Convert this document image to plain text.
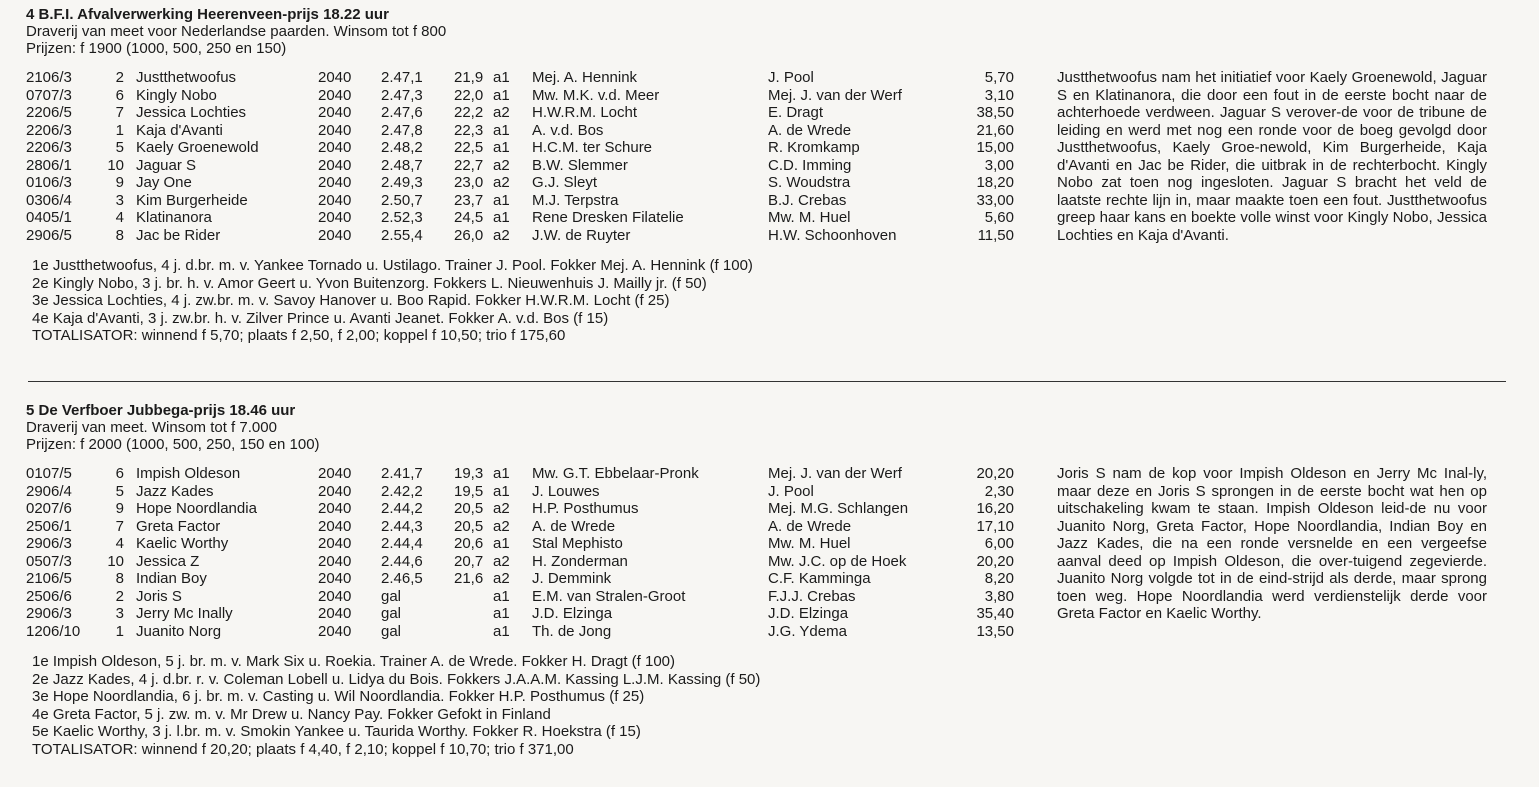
4 B.F.I. Afvalverwerking Heerenveen-prijs 18.22 uur
Draverij van meet voor Nederlandse paarden. Winsom tot f 800
Prijzen: f 1900 (1000, 500, 250 en 150)
2106/3	2 Justthetwoofus	2040 2.47,1 21,9 a1 Mej. A. Hennink	J. Pool	5,70
0707/3	6 Kingly Nobo	2040 2.47,3 22,0 a1 Mw. M.K. v.d. Meer	Mej. J. van der Werf	3,10
2206/5	7 Jessica Lochties	2040 2.47,6 22,2 a2 H.W.R.M. Locht	E. Dragt	38,50
2206/3	1 Kaja d'Avanti	2040 2.47,8 22,3 a1 A. v.d. Bos	A. de Wrede	21,60
2206/3	5 Kaely Groenewold	2040 2.48,2 22,5 a1 H.C.M. ter Schure	R. Kromkamp	15,00
2806/1 10 Jaguar S	2040 2.48,7 22,7 a2 B.W. Slemmer	C.D. Imming	3,00
0106/3	9 Jay One	2040 2.49,3 23,0 a2 G.J. Sleyt	S. Woudstra	18,20
0306/4	3 Kim Burgerheide	2040 2.50,7 23,7 a1 M.J. Terpstra	B.J. Crebas	33,00
0405/1	4 Klatinanora	2040 2.52,3 24,5 a1 Rene Dresken Filatelie	Mw. M. Huel	5,60
2906/5	8 Jac be Rider	2040 2.55,4 26,0 a2 J.W. de Ruyter	H.W. Schoonhoven	11,50
Justthetwoofus nam het initiatief voor Kaely Groenewold, Jaguar S en Klatinanora, die door een fout in de eerste bocht naar de achterhoede verdween. Jaguar S verover-de voor de tribune de leiding en werd met nog een ronde voor de boeg gevolgd door Justthetwoofus, Kaely Groe-newold, Kim Burgerheide, Kaja d'Avanti en Jac be Rider, die uitbrak in de rechterbocht. Kingly Nobo zat toen nog ingesloten. Jaguar S bracht het veld de laatste rechte lijn in, maar maakte toen een fout. Justthetwoofus greep haar kans en boekte volle winst voor Kingly Nobo, Jessica Lochties en Kaja d'Avanti.
1e Justthetwoofus, 4 j. d.br. m. v. Yankee Tornado u. Ustilago. Trainer J. Pool. Fokker Mej. A. Hennink (f 100)
2e Kingly Nobo, 3 j. br. h. v. Amor Geert u. Yvon Buitenzorg. Fokkers L. Nieuwenhuis J. Mailly jr. (f 50)
3e Jessica Lochties, 4 j. zw.br. m. v. Savoy Hanover u. Boo Rapid. Fokker H.W.R.M. Locht (f 25)
4e Kaja d'Avanti, 3 j. zw.br. h. v. Zilver Prince u. Avanti Jeanet. Fokker A. v.d. Bos (f 15)
TOTALISATOR: winnend f 5,70; plaats f 2,50, f 2,00; koppel f 10,50; trio f 175,60
5 De Verfboer Jubbega-prijs 18.46 uur
Draverij van meet. Winsom tot f 7.000
Prijzen: f 2000 (1000, 500, 250, 150 en 100)
0107/5	6 Impish Oldeson	2040 2.41,7 19,3 a1 Mw. G.T. Ebbelaar-Pronk	Mej. J. van der Werf	20,20
2906/4	5 Jazz Kades	2040 2.42,2 19,5 a1 J. Louwes	J. Pool	2,30
0207/6	9 Hope Noordlandia	2040 2.44,2 20,5 a2 H.P. Posthumus	Mej. M.G. Schlangen	16,20
2506/1	7 Greta Factor	2040 2.44,3 20,5 a2 A. de Wrede	A. de Wrede	17,10
2906/3	4 Kaelic Worthy	2040 2.44,4 20,6 a1 Stal Mephisto	Mw. M. Huel	6,00
0507/3 10 Jessica Z	2040 2.44,6 20,7 a2 H. Zonderman	Mw. J.C. op de Hoek	20,20
2106/5	8 Indian Boy	2040 2.46,5 21,6 a2 J. Demmink	C.F. Kamminga	8,20
2506/6	2 Joris S	2040 gal	a1 E.M. van Stralen-Groot	F.J.J. Crebas	3,80
2906/3	3 Jerry Mc Inally	2040 gal	a1 J.D. Elzinga	J.D. Elzinga	35,40
1206/10	1 Juanito Norg	2040 gal	a1 Th. de Jong	J.G. Ydema	13,50
Joris S nam de kop voor Impish Oldeson en Jerry Mc Inal-ly, maar deze en Joris S sprongen in de eerste bocht wat hen op uitschakeling kwam te staan. Impish Oldeson leid-de nu voor Juanito Norg, Greta Factor, Hope Noordlandia, Indian Boy en Jazz Kades, die na een ronde versnelde en een vergeefse aanval deed op Impish Oldeson, die over-tuigend zegevierde. Juanito Norg volgde tot in de eind-strijd als derde, maar sprong toen weg. Hope Noordlandia werd verdienstelijk derde voor Greta Factor en Kaelic Worthy.
1e Impish Oldeson, 5 j. br. m. v. Mark Six u. Roekia. Trainer A. de Wrede. Fokker H. Dragt (f 100)
2e Jazz Kades, 4 j. d.br. r. v. Coleman Lobell u. Lidya du Bois. Fokkers J.A.A.M. Kassing L.J.M. Kassing (f 50)
3e Hope Noordlandia, 6 j. br. m. v. Casting u. Wil Noordlandia. Fokker H.P. Posthumus (f 25)
4e Greta Factor, 5 j. zw. m. v. Mr Drew u. Nancy Pay. Fokker Gefokt in Finland
5e Kaelic Worthy, 3 j. l.br. m. v. Smokin Yankee u. Taurida Worthy. Fokker R. Hoekstra (f 15)
TOTALISATOR: winnend f 20,20; plaats f 4,40, f 2,10; koppel f 10,70; trio f 371,00
